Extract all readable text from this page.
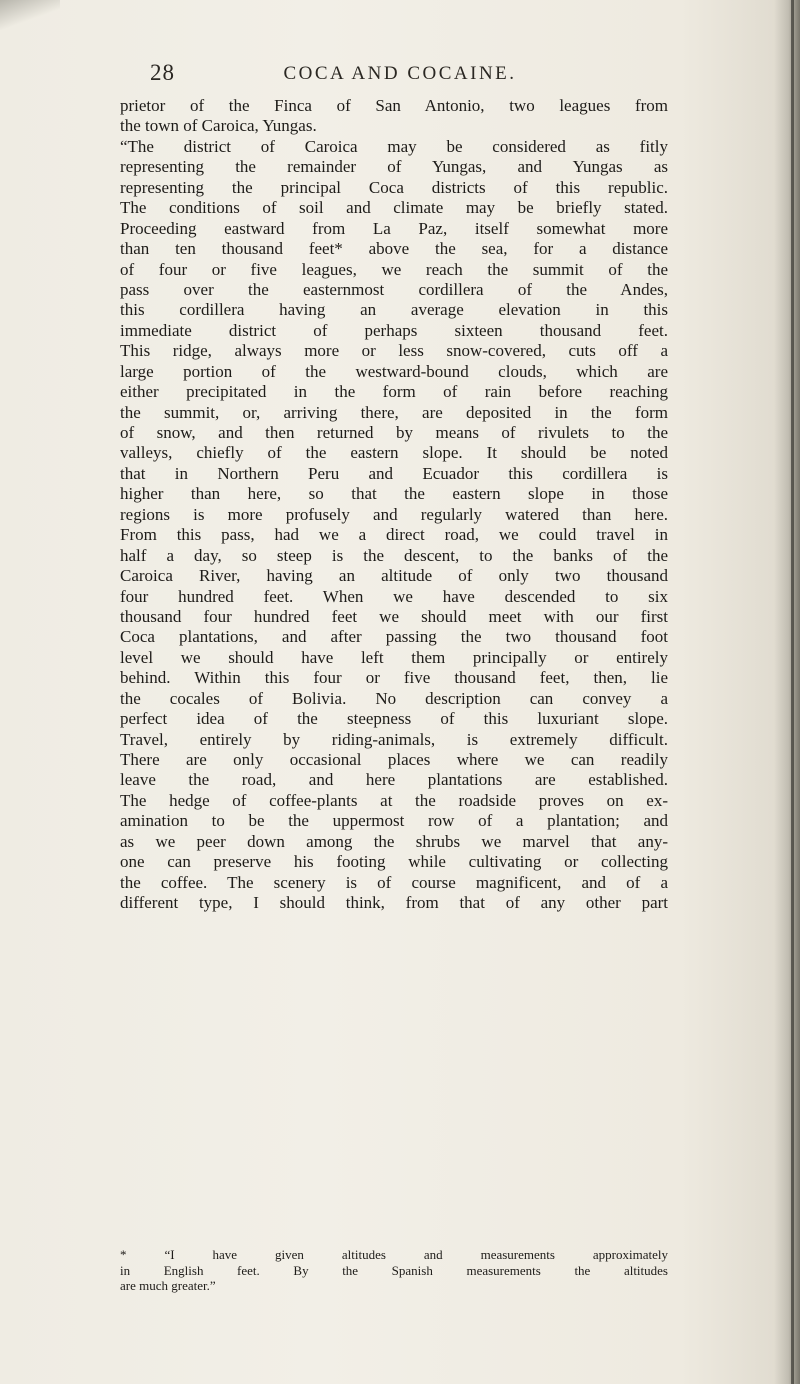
28	COCA AND COCAINE.
prietor of the Finca of San Antonio, two leagues from
the town of Caroica, Yungas.
“The district of Caroica may be considered as fitly
representing the remainder of Yungas, and Yungas as
representing the principal Coca districts of this republic.
The conditions of soil and climate may be briefly stated.
Proceeding eastward from La Paz, itself somewhat more
than ten thousand feet* above the sea, for a distance
of four or five leagues, we reach the summit of the
pass over the easternmost cordillera of the Andes,
this cordillera having an average elevation in this
immediate district of perhaps sixteen thousand feet.
This ridge, always more or less snow-covered, cuts off a
large portion of the westward-bound clouds, which are
either precipitated in the form of rain before reaching
the summit, or, arriving there, are deposited in the form
of snow, and then returned by means of rivulets to the
valleys, chiefly of the eastern slope. It should be noted
that in Northern Peru and Ecuador this cordillera is
higher than here, so that the eastern slope in those
regions is more profusely and regularly watered than here.
From this pass, had we a direct road, we could travel in
half a day, so steep is the descent, to the banks of the
Caroica River, having an altitude of only two thousand
four hundred feet. When we have descended to six
thousand four hundred feet we should meet with our first
Coca plantations, and after passing the two thousand foot
level we should have left them principally or entirely
behind. Within this four or five thousand feet, then, lie
the cocales of Bolivia. No description can convey a
perfect idea of the steepness of this luxuriant slope.
Travel, entirely by riding-animals, is extremely difficult.
There are only occasional places where we can readily
leave the road, and here plantations are established.
The hedge of coffee-plants at the roadside proves on ex-
amination to be the uppermost row of a plantation; and
as we peer down among the shrubs we marvel that any-
one can preserve his footing while cultivating or collecting
the coffee. The scenery is of course magnificent, and of a
different type, I should think, from that of any other part
* “I have given altitudes and measurements approximately
in English feet. By the Spanish measurements the altitudes
are much greater.”
